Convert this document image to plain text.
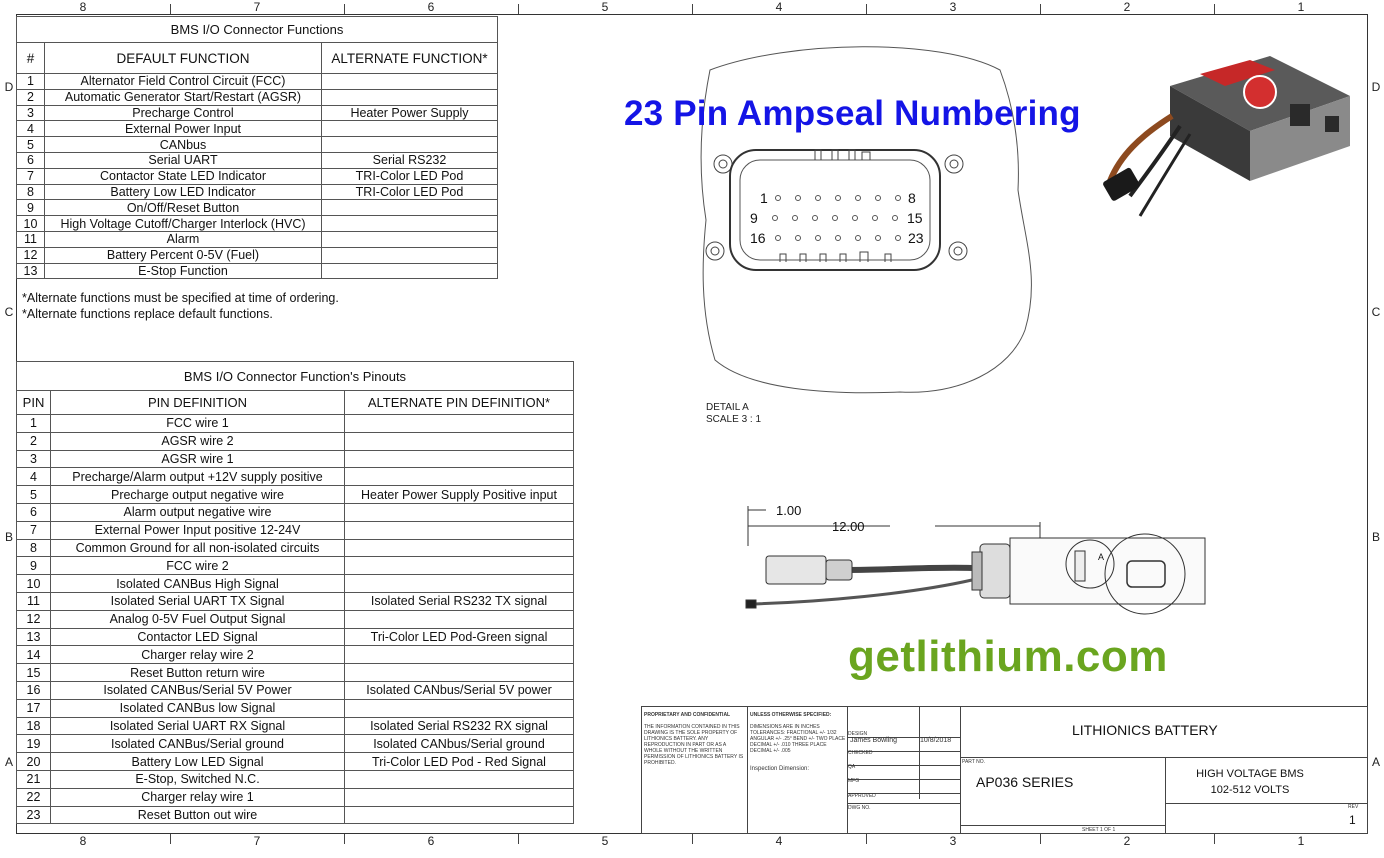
8	7	6	5	4	3	2	1
8	7	6	5	4	3	2	1
D
C
B
A
D
C
B
A
BMS I/O Connector Functions		
#	DEFAULT FUNCTION	ALTERNATE FUNCTION*
1	Alternator Field Control Circuit (FCC)	
2	Automatic Generator Start/Restart (AGSR)	
3	Precharge Control	Heater Power Supply
4	External Power Input	
5	CANbus	
6	Serial UART	Serial RS232
7	Contactor State LED Indicator	TRI-Color LED Pod
8	Battery Low LED Indicator	TRI-Color LED Pod
9	On/Off/Reset Button	
10	High Voltage Cutoff/Charger Interlock (HVC)	
11	Alarm	
12	Battery Percent 0-5V (Fuel)	
13	E-Stop Function	
*Alternate functions must be specified at time of ordering.
*Alternate functions replace default functions.
BMS I/O Connector Function's Pinouts		
PIN	PIN DEFINITION	ALTERNATE PIN DEFINITION*
1	FCC wire 1	
2	AGSR wire 2	
3	AGSR wire 1	
4	Precharge/Alarm output +12V supply positive	
5	Precharge output negative wire	Heater Power Supply Positive input
6	Alarm output negative wire	
7	External Power Input positive 12-24V	
8	Common Ground for all non-isolated circuits	
9	FCC wire 2	
10	Isolated CANBus High Signal	
11	Isolated Serial UART TX Signal	Isolated Serial RS232 TX signal
12	Analog 0-5V Fuel Output Signal	
13	Contactor LED Signal	Tri-Color LED Pod-Green signal
14	Charger relay wire 2	
15	Reset Button return wire	
16	Isolated CANBus/Serial 5V Power	Isolated CANbus/Serial 5V power
17	Isolated CANBus low Signal	
18	Isolated Serial UART RX Signal	Isolated Serial RS232 RX signal
19	Isolated CANBus/Serial ground	Isolated CANbus/Serial ground
20	Battery Low LED Signal	Tri-Color LED Pod - Red Signal
21	E-Stop, Switched N.C.	
22	Charger relay wire 1	
23	Reset Button out wire	
1	8
9	15
16	23
23 Pin Ampseal Numbering
DETAIL A
SCALE 3 : 1
1.00
12.00
A
getlithium.com
PROPRIETARY AND CONFIDENTIAL
THE INFORMATION CONTAINED IN THIS DRAWING IS THE SOLE PROPERTY OF LITHIONICS BATTERY. ANY REPRODUCTION IN PART OR AS A WHOLE WITHOUT THE WRITTEN PERMISSION OF LITHIONICS BATTERY IS PROHIBITED.
UNLESS OTHERWISE SPECIFIED:
DIMENSIONS ARE IN INCHES TOLERANCES: FRACTIONAL +/- 1/32 ANGULAR +/- .25° BEND +/- TWO PLACE DECIMAL +/- .010 THREE PLACE DECIMAL +/- .005
Inspection Dimension:
DESIGN
James Bowling	10/8/2018
CHECKED
QA
MFG
APPROVED
DWG NO.
PART NO.
REV
SHEET 1 OF 1
LITHIONICS BATTERY
AP036 SERIES	HIGH VOLTAGE BMS
102-512 VOLTS
1
